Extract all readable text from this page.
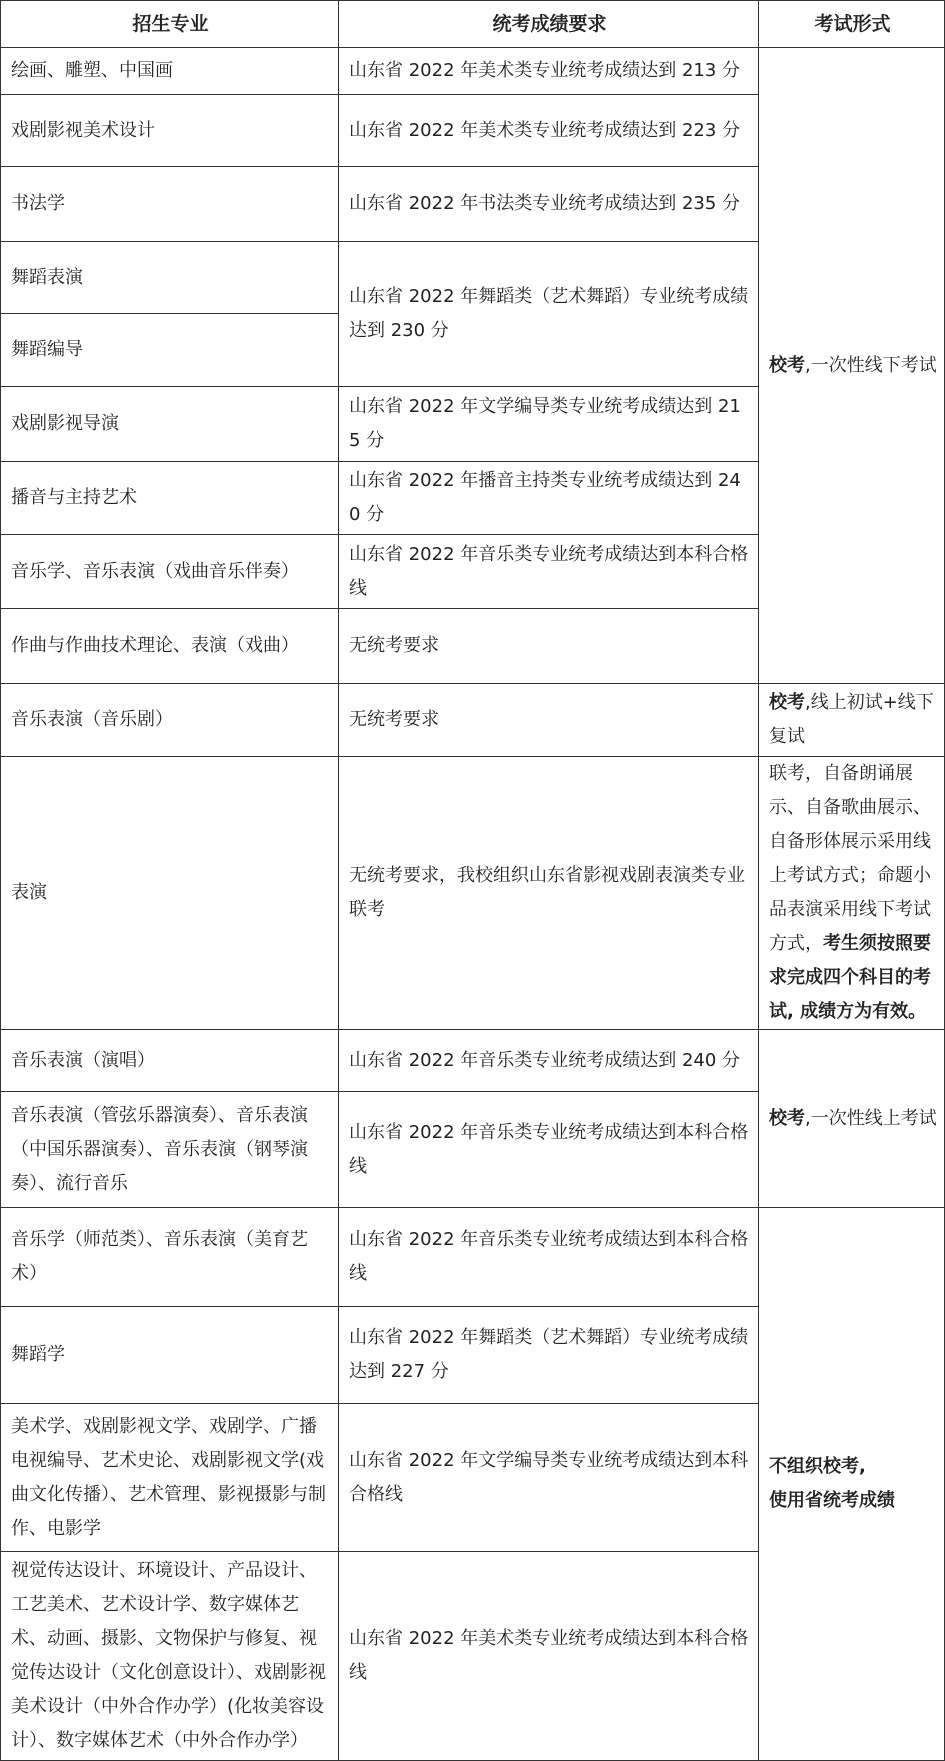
招生专业	统考成绩要求	考试形式
绘画、雕塑、中国画	山东省 2022 年美术类专业统考成绩达到 213 分	校考,一次性线下考试
戏剧影视美术设计	山东省 2022 年美术类专业统考成绩达到 223 分	
书法学	山东省 2022 年书法类专业统考成绩达到 235 分	
舞蹈表演	山东省 2022 年舞蹈类（艺术舞蹈）专业统考成绩达到 230 分	
舞蹈编导		
戏剧影视导演	山东省 2022 年文学编导类专业统考成绩达到 215 分	
播音与主持艺术	山东省 2022 年播音主持类专业统考成绩达到 240 分	
音乐学、音乐表演（戏曲音乐伴奏）	山东省 2022 年音乐类专业统考成绩达到本科合格线	
作曲与作曲技术理论、表演（戏曲）	无统考要求	
音乐表演（音乐剧）	无统考要求	校考,线上初试+线下复试
表演	无统考要求，我校组织山东省影视戏剧表演类专业联考	联考，自备朗诵展示、自备歌曲展示、自备形体展示采用线上考试方式；命题小品表演采用线下考试方式，考生须按照要求完成四个科目的考试, 成绩方为有效。
音乐表演（演唱）	山东省 2022 年音乐类专业统考成绩达到 240 分	校考,一次性线上考试
音乐表演（管弦乐器演奏）、音乐表演（中国乐器演奏）、音乐表演（钢琴演奏）、流行音乐	山东省 2022 年音乐类专业统考成绩达到本科合格线	
音乐学（师范类）、音乐表演（美育艺术）	山东省 2022 年音乐类专业统考成绩达到本科合格线	不组织校考,
使用省统考成绩

舞蹈学	山东省 2022 年舞蹈类（艺术舞蹈）专业统考成绩达到 227 分	
美术学、戏剧影视文学、戏剧学、广播电视编导、艺术史论、戏剧影视文学(戏曲文化传播）、艺术管理、影视摄影与制作、电影学	山东省 2022 年文学编导类专业统考成绩达到本科合格线	
视觉传达设计、环境设计、产品设计、工艺美术、艺术设计学、数字媒体艺术、动画、摄影、文物保护与修复、视觉传达设计（文化创意设计）、戏剧影视美术设计（中外合作办学）(化妆美容设计）、数字媒体艺术（中外合作办学）	山东省 2022 年美术类专业统考成绩达到本科合格线	
